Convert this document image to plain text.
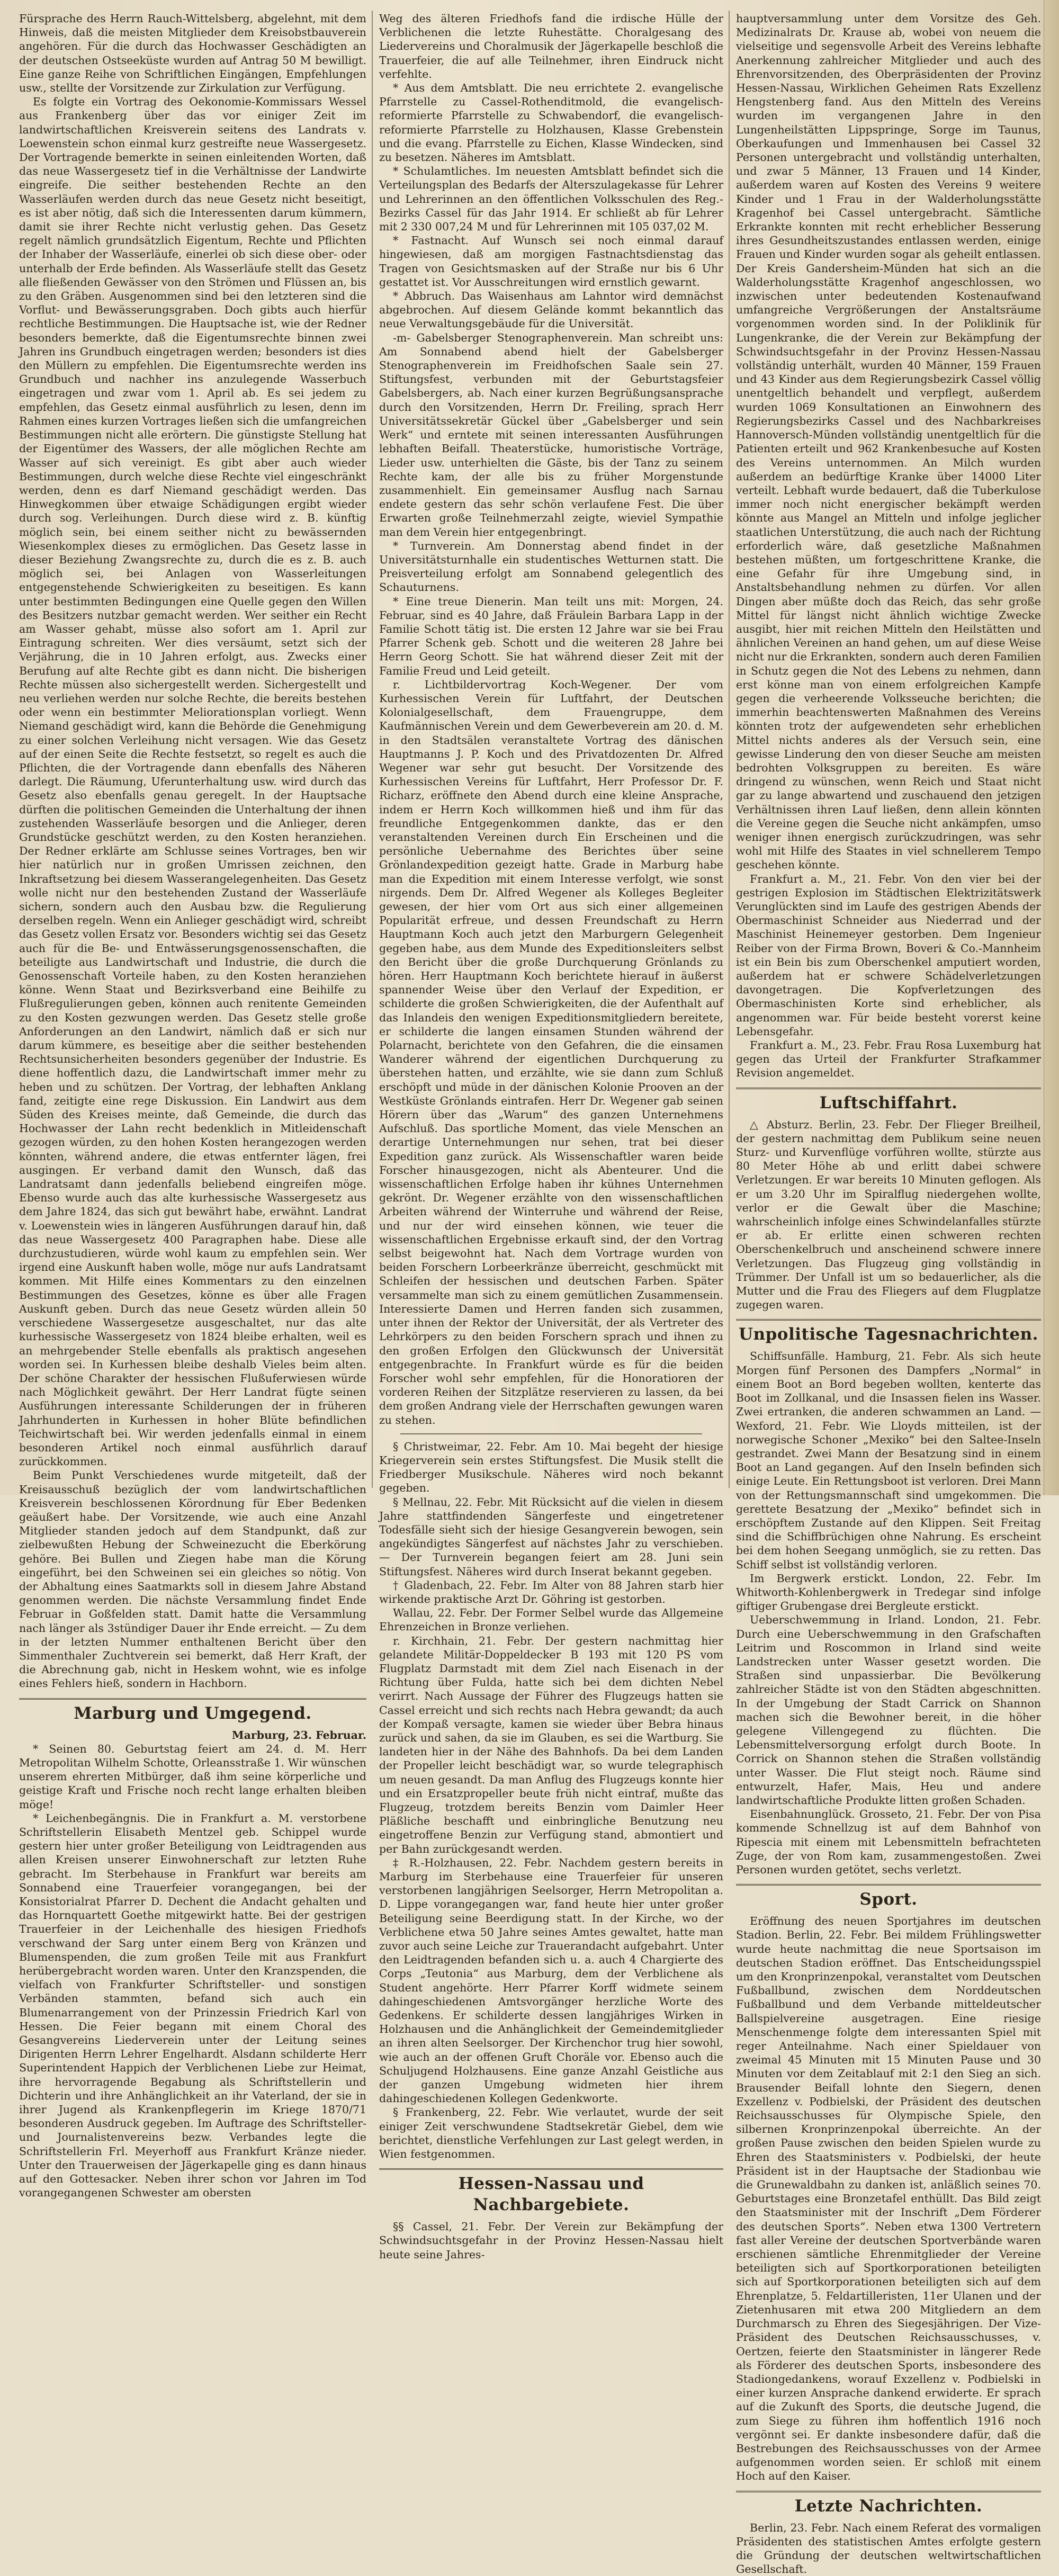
Fürsprache des Herrn Rauch-Wittelsberg, abgelehnt, mit dem Hinweis, daß die meisten Mitglieder dem Kreisobstbauverein angehören. Für die durch das Hochwasser Geschädigten an der deutschen Ostseeküste wurden auf Antrag 50 M bewilligt. Eine ganze Reihe von Schriftlichen Eingängen, Empfehlungen usw., stellte der Vorsitzende zur Zirkulation zur Verfügung.

Es folgte ein Vortrag des Oekonomie-Kommissars Wessel aus Frankenberg über das vor einiger Zeit im landwirtschaftlichen Kreisverein seitens des Landrats v. Loewenstein schon einmal kurz gestreifte neue Wassergesetz. Der Vortragende bemerkte in seinen einleitenden Worten, daß das neue Wassergesetz tief in die Verhältnisse der Landwirte eingreife. Die seither bestehenden Rechte an den Wasserläufen werden durch das neue Gesetz nicht beseitigt, es ist aber nötig, daß sich die Interessenten darum kümmern, damit sie ihrer Rechte nicht verlustig gehen. Das Gesetz regelt nämlich grundsätzlich Eigentum, Rechte und Pflichten der Inhaber der Wasserläufe, einerlei ob sich diese ober- oder unterhalb der Erde befinden. Als Wasserläufe stellt das Gesetz alle fließenden Gewässer von den Strömen und Flüssen an, bis zu den Gräben. Ausgenommen sind bei den letzteren sind die Vorflut- und Bewässerungsgraben. Doch gibts auch hierfür rechtliche Bestimmungen. Die Hauptsache ist, wie der Redner besonders bemerkte, daß die Eigentumsrechte binnen zwei Jahren ins Grundbuch eingetragen werden; besonders ist dies den Müllern zu empfehlen. Die Eigentumsrechte werden ins Grundbuch und nachher ins anzulegende Wasserbuch eingetragen und zwar vom 1. April ab. Es sei jedem zu empfehlen, das Gesetz einmal ausführlich zu lesen, denn im Rahmen eines kurzen Vortrages ließen sich die umfangreichen Bestimmungen nicht alle erörtern. Die günstigste Stellung hat der Eigentümer des Wassers, der alle möglichen Rechte am Wasser auf sich vereinigt. Es gibt aber auch wieder Bestimmungen, durch welche diese Rechte viel eingeschränkt werden, denn es darf Niemand geschädigt werden. Das Hinwegkommen über etwaige Schädigungen ergibt wieder durch sog. Verleihungen. Durch diese wird z. B. künftig möglich sein, bei einem seither nicht zu bewässernden Wiesenkomplex dieses zu ermöglichen. Das Gesetz lasse in dieser Beziehung Zwangsrechte zu, durch die es z. B. auch möglich sei, bei Anlagen von Wasserleitungen entgegenstehende Schwierigkeiten zu beseitigen. Es kann unter bestimmten Bedingungen eine Quelle gegen den Willen des Besitzers nutzbar gemacht werden. Wer seither ein Recht am Wasser gehabt, müsse also sofort am 1. April zur Eintragung schreiten. Wer dies versäumt, setzt sich der Verjährung, die in 10 Jahren erfolgt, aus. Zwecks einer Berufung auf alte Rechte gibt es dann nicht. Die bisherigen Rechte müssen also sichergestellt werden. Sichergestellt und neu verliehen werden nur solche Rechte, die bereits bestehen oder wenn ein bestimmter Meliorationsplan vorliegt. Wenn Niemand geschädigt wird, kann die Behörde die Genehmigung zu einer solchen Verleihung nicht versagen. Wie das Gesetz auf der einen Seite die Rechte festsetzt, so regelt es auch die Pflichten, die der Vortragende dann ebenfalls des Näheren darlegt. Die Räumung, Uferunterhaltung usw. wird durch das Gesetz also ebenfalls genau geregelt. In der Hauptsache dürften die politischen Gemeinden die Unterhaltung der ihnen zustehenden Wasserläufe besorgen und die Anlieger, deren Grundstücke geschützt werden, zu den Kosten heranziehen. Der Redner erklärte am Schlusse seines Vortrages, ben wir hier natürlich nur in großen Umrissen zeichnen, den Inkraftsetzung bei diesem Wasserangelegenheiten. Das Gesetz wolle nicht nur den bestehenden Zustand der Wasserläufe sichern, sondern auch den Ausbau bzw. die Regulierung derselben regeln. Wenn ein Anlieger geschädigt wird, schreibt das Gesetz vollen Ersatz vor. Besonders wichtig sei das Gesetz auch für die Be- und Entwässerungsgenossenschaften, die beteiligte aus Landwirtschaft und Industrie, die durch die Genossenschaft Vorteile haben, zu den Kosten heranziehen könne. Wenn Staat und Bezirksverband eine Beihilfe zu Flußregulierungen geben, können auch renitente Gemeinden zu den Kosten gezwungen werden. Das Gesetz stelle große Anforderungen an den Landwirt, nämlich daß er sich nur darum kümmere, es beseitige aber die seither bestehenden Rechtsunsicherheiten besonders gegenüber der Industrie. Es diene hoffentlich dazu, die Landwirtschaft immer mehr zu heben und zu schützen. Der Vortrag, der lebhaften Anklang fand, zeitigte eine rege Diskussion. Ein Landwirt aus dem Süden des Kreises meinte, daß Gemeinde, die durch das Hochwasser der Lahn recht bedenklich in Mitleidenschaft gezogen würden, zu den hohen Kosten herangezogen werden könnten, während andere, die etwas entfernter lägen, frei ausgingen. Er verband damit den Wunsch, daß das Landratsamt dann jedenfalls beliebend eingreifen möge. Ebenso wurde auch das alte kurhessische Wassergesetz aus dem Jahre 1824, das sich gut bewährt habe, erwähnt. Landrat v. Loewenstein wies in längeren Ausführungen darauf hin, daß das neue Wassergesetz 400 Paragraphen habe. Diese alle durchzustudieren, würde wohl kaum zu empfehlen sein. Wer irgend eine Auskunft haben wolle, möge nur aufs Landratsamt kommen. Mit Hilfe eines Kommentars zu den einzelnen Bestimmungen des Gesetzes, könne es über alle Fragen Auskunft geben. Durch das neue Gesetz würden allein 50 verschiedene Wassergesetze ausgeschaltet, nur das alte kurhessische Wassergesetz von 1824 bleibe erhalten, weil es an mehrgebender Stelle ebenfalls als praktisch angesehen worden sei. In Kurhessen bleibe deshalb Vieles beim alten. Der schöne Charakter der hessischen Flußuferwiesen würde nach Möglichkeit gewährt. Der Herr Landrat fügte seinen Ausführungen interessante Schilderungen der in früheren Jahrhunderten in Kurhessen in hoher Blüte befindlichen Teichwirtschaft bei. Wir werden jedenfalls einmal in einem besonderen Artikel noch einmal ausführlich darauf zurückkommen.

Beim Punkt Verschiedenes wurde mitgeteilt, daß der Kreisausschuß bezüglich der vom landwirtschaftlichen Kreisverein beschlossenen Körordnung für Eber Bedenken geäußert habe. Der Vorsitzende, wie auch eine Anzahl Mitglieder standen jedoch auf dem Standpunkt, daß zur zielbewußten Hebung der Schweinezucht die Eberkörung gehöre. Bei Bullen und Ziegen habe man die Körung eingeführt, bei den Schweinen sei ein gleiches so nötig. Von der Abhaltung eines Saatmarkts soll in diesem Jahre Abstand genommen werden. Die nächste Versammlung findet Ende Februar in Goßfelden statt. Damit hatte die Versammlung nach länger als 3stündiger Dauer ihr Ende erreicht. — Zu dem in der letzten Nummer enthaltenen Bericht über den Simmenthaler Zuchtverein sei bemerkt, daß Herr Kraft, der die Abrechnung gab, nicht in Heskem wohnt, wie es infolge eines Fehlers hieß, sondern in Hachborn.

Marburg und Umgegend.

Marburg, 23. Februar.

* Seinen 80. Geburtstag feiert am 24. d. M. Herr Metropolitan Wilhelm Schotte, Orleansstraße 1. Wir wünschen unserem ehrerten Mitbürger, daß ihm seine körperliche und geistige Kraft und Frische noch recht lange erhalten bleiben möge!

* Leichenbegängnis. Die in Frankfurt a. M. verstorbene Schriftstellerin Elisabeth Mentzel geb. Schippel wurde gestern hier unter großer Beteiligung von Leidtragenden aus allen Kreisen unserer Einwohnerschaft zur letzten Ruhe gebracht. Im Sterbehause in Frankfurt war bereits am Sonnabend eine Trauerfeier vorangegangen, bei der Konsistorialrat Pfarrer D. Dechent die Andacht gehalten und das Hornquartett Goethe mitgewirkt hatte. Bei der gestrigen Trauerfeier in der Leichenhalle des hiesigen Friedhofs verschwand der Sarg unter einem Berg von Kränzen und Blumenspenden, die zum großen Teile mit aus Frankfurt herübergebracht worden waren. Unter den Kranzspenden, die vielfach von Frankfurter Schriftsteller- und sonstigen Verbänden stammten, befand sich auch ein Blumenarrangement von der Prinzessin Friedrich Karl von Hessen. Die Feier begann mit einem Choral des Gesangvereins Liederverein unter der Leitung seines Dirigenten Herrn Lehrer Engelhardt. Alsdann schilderte Herr Superintendent Happich der Verblichenen Liebe zur Heimat, ihre hervorragende Begabung als Schriftstellerin und Dichterin und ihre Anhänglichkeit an ihr Vaterland, der sie in ihrer Jugend als Krankenpflegerin im Kriege 1870/71 besonderen Ausdruck gegeben. Im Auftrage des Schriftsteller- und Journalistenvereins bezw. Verbandes legte die Schriftstellerin Frl. Meyerhoff aus Frankfurt Kränze nieder. Unter den Trauerweisen der Jägerkapelle ging es dann hinaus auf den Gottesacker. Neben ihrer schon vor Jahren im Tod vorangegangenen Schwester am obersten

Weg des älteren Friedhofs fand die irdische Hülle der Verblichenen die letzte Ruhestätte. Choralgesang des Liedervereins und Choralmusik der Jägerkapelle beschloß die Trauerfeier, die auf alle Teilnehmer, ihren Eindruck nicht verfehlte.

* Aus dem Amtsblatt. Die neu errichtete 2. evangelische Pfarrstelle zu Cassel-Rothenditmold, die evangelisch-reformierte Pfarrstelle zu Schwabendorf, die evangelisch-reformierte Pfarrstelle zu Holzhausen, Klasse Grebenstein und die evang. Pfarrstelle zu Eichen, Klasse Windecken, sind zu besetzen. Näheres im Amtsblatt.

* Schulamtliches. Im neuesten Amtsblatt befindet sich die Verteilungsplan des Bedarfs der Alterszulagekasse für Lehrer und Lehrerinnen an den öffentlichen Volksschulen des Reg.-Bezirks Cassel für das Jahr 1914. Er schließt ab für Lehrer mit 2 330 007,24 M und für Lehrerinnen mit 105 037,02 M.

* Fastnacht. Auf Wunsch sei noch einmal darauf hingewiesen, daß am morgigen Fastnachtsdienstag das Tragen von Gesichtsmasken auf der Straße nur bis 6 Uhr gestattet ist. Vor Ausschreitungen wird ernstlich gewarnt.

* Abbruch. Das Waisenhaus am Lahntor wird demnächst abgebrochen. Auf diesem Gelände kommt bekanntlich das neue Verwaltungsgebäude für die Universität.

-m- Gabelsberger Stenographenverein. Man schreibt uns: Am Sonnabend abend hielt der Gabelsberger Stenographenverein im Freidhofschen Saale sein 27. Stiftungsfest, verbunden mit der Geburtstagsfeier Gabelsbergers, ab. Nach einer kurzen Begrüßungsansprache durch den Vorsitzenden, Herrn Dr. Freiling, sprach Herr Universitätssekretär Gückel über „Gabelsberger und sein Werk“ und erntete mit seinen interessanten Ausführungen lebhaften Beifall. Theaterstücke, humoristische Vorträge, Lieder usw. unterhielten die Gäste, bis der Tanz zu seinem Rechte kam, der alle bis zu früher Morgenstunde zusammenhielt. Ein gemeinsamer Ausflug nach Sarnau endete gestern das sehr schön verlaufene Fest. Die über Erwarten große Teilnehmerzahl zeigte, wieviel Sympathie man dem Verein hier entgegenbringt.

* Turnverein. Am Donnerstag abend findet in der Universitätsturnhalle ein studentisches Wetturnen statt. Die Preisverteilung erfolgt am Sonnabend gelegentlich des Schauturnens.

* Eine treue Dienerin. Man teilt uns mit: Morgen, 24. Februar, sind es 40 Jahre, daß Fräulein Barbara Lapp in der Familie Schott tätig ist. Die ersten 12 Jahre war sie bei Frau Pfarrer Schenk geb. Schott und die weiteren 28 Jahre bei Herrn Georg Schott. Sie hat während dieser Zeit mit der Familie Freud und Leid geteilt.

r. Lichtbildervortrag Koch-Wegener. Der vom Kurhessischen Verein für Luftfahrt, der Deutschen Kolonialgesellschaft, dem Frauengruppe, dem Kaufmännischen Verein und dem Gewerbeverein am 20. d. M. in den Stadtsälen veranstaltete Vortrag des dänischen Hauptmanns J. P. Koch und des Privatdozenten Dr. Alfred Wegener war sehr gut besucht. Der Vorsitzende des Kurhessischen Vereins für Luftfahrt, Herr Professor Dr. F. Richarz, eröffnete den Abend durch eine kleine Ansprache, indem er Herrn Koch willkommen hieß und ihm für das freundliche Entgegenkommen dankte, das er den veranstaltenden Vereinen durch Ein Erscheinen und die persönliche Uebernahme des Berichtes über seine Grönlandexpedition gezeigt hatte. Grade in Marburg habe man die Expedition mit einem Interesse verfolgt, wie sonst nirgends. Dem Dr. Alfred Wegener als Kolleges Begleiter gewesen, der hier vom Ort aus sich einer allgemeinen Popularität erfreue, und dessen Freundschaft zu Herrn Hauptmann Koch auch jetzt den Marburgern Gelegenheit gegeben habe, aus dem Munde des Expeditionsleiters selbst den Bericht über die große Durchquerung Grönlands zu hören. Herr Hauptmann Koch berichtete hierauf in äußerst spannender Weise über den Verlauf der Expedition, er schilderte die großen Schwierigkeiten, die der Aufenthalt auf das Inlandeis den wenigen Expeditionsmitgliedern bereitete, er schilderte die langen einsamen Stunden während der Polarnacht, berichtete von den Gefahren, die die einsamen Wanderer während der eigentlichen Durchquerung zu überstehen hatten, und erzählte, wie sie dann zum Schluß erschöpft und müde in der dänischen Kolonie Prooven an der Westküste Grönlands eintrafen. Herr Dr. Wegener gab seinen Hörern über das „Warum“ des ganzen Unternehmens Aufschluß. Das sportliche Moment, das viele Menschen an derartige Unternehmungen nur sehen, trat bei dieser Expedition ganz zurück. Als Wissenschaftler waren beide Forscher hinausgezogen, nicht als Abenteurer. Und die wissenschaftlichen Erfolge haben ihr kühnes Unternehmen gekrönt. Dr. Wegener erzählte von den wissenschaftlichen Arbeiten während der Winterruhe und während der Reise, und nur der wird einsehen können, wie teuer die wissenschaftlichen Ergebnisse erkauft sind, der den Vortrag selbst beigewohnt hat. Nach dem Vortrage wurden von beiden Forschern Lorbeerkränze überreicht, geschmückt mit Schleifen der hessischen und deutschen Farben. Später versammelte man sich zu einem gemütlichen Zusammensein. Interessierte Damen und Herren fanden sich zusammen, unter ihnen der Rektor der Universität, der als Vertreter des Lehrkörpers zu den beiden Forschern sprach und ihnen zu den großen Erfolgen den Glückwunsch der Universität entgegenbrachte. In Frankfurt würde es für die beiden Forscher wohl sehr empfehlen, für die Honoratioren der vorderen Reihen der Sitzplätze reservieren zu lassen, da bei dem großen Andrang viele der Herrschaften gewungen waren zu stehen.

§ Christweimar, 22. Febr. Am 10. Mai begeht der hiesige Kriegerverein sein erstes Stiftungsfest. Die Musik stellt die Friedberger Musikschule. Näheres wird noch bekannt gegeben.

§ Mellnau, 22. Febr. Mit Rücksicht auf die vielen in diesem Jahre stattfindenden Sängerfeste und eingetretener Todesfälle sieht sich der hiesige Gesangverein bewogen, sein angekündigtes Sängerfest auf nächstes Jahr zu verschieben. — Der Turnverein begangen feiert am 28. Juni sein Stiftungsfest. Näheres wird durch Inserat bekannt gegeben.

† Gladenbach, 22. Febr. Im Alter von 88 Jahren starb hier wirkende praktische Arzt Dr. Göhring ist gestorben.

Wallau, 22. Febr. Der Former Selbel wurde das Allgemeine Ehrenzeichen in Bronze verliehen.

r. Kirchhain, 21. Febr. Der gestern nachmittag hier gelandete Militär-Doppeldecker B 193 mit 120 PS vom Flugplatz Darmstadt mit dem Ziel nach Eisenach in der Richtung über Fulda, hatte sich bei dem dichten Nebel verirrt. Nach Aussage der Führer des Flugzeugs hatten sie Cassel erreicht und sich rechts nach Hebra gewandt; da auch der Kompaß versagte, kamen sie wieder über Bebra hinaus zurück und sahen, da sie im Glauben, es sei die Wartburg. Sie landeten hier in der Nähe des Bahnhofs. Da bei dem Landen der Propeller leicht beschädigt war, so wurde telegraphisch um neuen gesandt. Da man Anflug des Flugzeugs konnte hier und ein Ersatzpropeller beute früh nicht eintraf, mußte das Flugzeug, trotzdem bereits Benzin vom Daimler Heer Pläßliche beschafft und einbringliche Benutzung neu eingetroffene Benzin zur Verfügung stand, abmontiert und per Bahn zurückgesandt werden.

‡ R.-Holzhausen, 22. Febr. Nachdem gestern bereits in Marburg im Sterbehause eine Trauerfeier für unseren verstorbenen langjährigen Seelsorger, Herrn Metropolitan a. D. Lippe vorangegangen war, fand heute hier unter großer Beteiligung seine Beerdigung statt. In der Kirche, wo der Verblichene etwa 50 Jahre seines Amtes gewaltet, hatte man zuvor auch seine Leiche zur Trauerandacht aufgebahrt. Unter den Leidtragenden befanden sich u. a. auch 4 Chargierte des Corps „Teutonia“ aus Marburg, dem der Verblichene als Student angehörte. Herr Pfarrer Korff widmete seinem dahingeschiedenen Amtsvorgänger herzliche Worte des Gedenkens. Er schilderte dessen langjähriges Wirken in Holzhausen und die Anhänglichkeit der Gemeindemitglieder an ihren alten Seelsorger. Der Kirchenchor trug hier sowohl, wie auch an der offenen Gruft Choräle vor. Ebenso auch die Schuljugend Holzhausens. Eine ganze Anzahl Geistliche aus der ganzen Umgebung widmeten hier ihrem dahingeschiedenen Kollegen Gedenkworte.

§ Frankenberg, 22. Febr. Wie verlautet, wurde der seit einiger Zeit verschwundene Stadtsekretär Giebel, dem wie berichtet, dienstliche Verfehlungen zur Last gelegt werden, in Wien festgenommen.

Hessen-Nassau und Nachbargebiete.

§§ Cassel, 21. Febr. Der Verein zur Bekämpfung der Schwindsuchtsgefahr in der Provinz Hessen-Nassau hielt heute seine Jahres-

hauptversammlung unter dem Vorsitze des Geh. Medizinalrats Dr. Krause ab, wobei von neuem die vielseitige und segensvolle Arbeit des Vereins lebhafte Anerkennung zahlreicher Mitglieder und auch des Ehrenvorsitzenden, des Oberpräsidenten der Provinz Hessen-Nassau, Wirklichen Geheimen Rats Exzellenz Hengstenberg fand. Aus den Mitteln des Vereins wurden im vergangenen Jahre in den Lungenheilstätten Lippspringe, Sorge im Taunus, Oberkaufungen und Immenhausen bei Cassel 32 Personen untergebracht und vollständig unterhalten, und zwar 5 Männer, 13 Frauen und 14 Kinder, außerdem waren auf Kosten des Vereins 9 weitere Kinder und 1 Frau in der Walderholungsstätte Kragenhof bei Cassel untergebracht. Sämtliche Erkrankte konnten mit recht erheblicher Besserung ihres Gesundheitszustandes entlassen werden, einige Frauen und Kinder wurden sogar als geheilt entlassen. Der Kreis Gandersheim-Münden hat sich an die Walderholungsstätte Kragenhof angeschlossen, wo inzwischen unter bedeutenden Kostenaufwand umfangreiche Vergrößerungen der Anstaltsräume vorgenommen worden sind. In der Poliklinik für Lungenkranke, die der Verein zur Bekämpfung der Schwindsuchtsgefahr in der Provinz Hessen-Nassau vollständig unterhält, wurden 40 Männer, 159 Frauen und 43 Kinder aus dem Regierungsbezirk Cassel völlig unentgeltlich behandelt und verpflegt, außerdem wurden 1069 Konsultationen an Einwohnern des Regierungsbezirks Cassel und des Nachbarkreises Hannoversch-Münden vollständig unentgeltlich für die Patienten erteilt und 962 Krankenbesuche auf Kosten des Vereins unternommen. An Milch wurden außerdem an bedürftige Kranke über 14000 Liter verteilt. Lebhaft wurde bedauert, daß die Tuberkulose immer noch nicht energischer bekämpft werden könnte aus Mangel an Mitteln und infolge jeglicher staatlichen Unterstützung, die auch nach der Richtung erforderlich wäre, daß gesetzliche Maßnahmen bestehen müßten, um fortgeschrittene Kranke, die eine Gefahr für ihre Umgebung sind, in Anstaltsbehandlung nehmen zu dürfen. Vor allen Dingen aber müßte doch das Reich, das sehr große Mittel für längst nicht ähnlich wichtige Zwecke ausgibt, hier mit reichen Mitteln den Heilstätten und ähnlichen Vereinen an hand gehen, um auf diese Weise nicht nur die Erkrankten, sondern auch deren Familien in Schutz gegen die Not des Lebens zu nehmen, dann erst könne man von einem erfolgreichen Kampfe gegen die verheerende Volksseuche berichten; die immerhin beachtenswerten Maßnahmen des Vereins könnten trotz der aufgewendeten sehr erheblichen Mittel nichts anderes als der Versuch sein, eine gewisse Linderung den von dieser Seuche am meisten bedrohten Volksgruppen zu bereiten. Es wäre dringend zu wünschen, wenn Reich und Staat nicht gar zu lange abwartend und zuschauend den jetzigen Verhältnissen ihren Lauf ließen, denn allein könnten die Vereine gegen die Seuche nicht ankämpfen, umso weniger ihnen energisch zurückzudringen, was sehr wohl mit Hilfe des Staates in viel schnellerem Tempo geschehen könnte.

Frankfurt a. M., 21. Febr. Von den vier bei der gestrigen Explosion im Städtischen Elektrizitätswerk Verunglückten sind im Laufe des gestrigen Abends der Obermaschinist Schneider aus Niederrad und der Maschinist Heinemeyer gestorben. Dem Ingenieur Reiber von der Firma Brown, Boveri & Co.-Mannheim ist ein Bein bis zum Oberschenkel amputiert worden, außerdem hat er schwere Schädelverletzungen davongetragen. Die Kopfverletzungen des Obermaschinisten Korte sind erheblicher, als angenommen war. Für beide besteht vorerst keine Lebensgefahr.

Frankfurt a. M., 23. Febr. Frau Rosa Luxemburg hat gegen das Urteil der Frankfurter Strafkammer Revision angemeldet.

Luftschiffahrt.

△ Absturz. Berlin, 23. Febr. Der Flieger Breilheil, der gestern nachmittag dem Publikum seine neuen Sturz- und Kurvenflüge vorführen wollte, stürzte aus 80 Meter Höhe ab und erlitt dabei schwere Verletzungen. Er war bereits 10 Minuten geflogen. Als er um 3.20 Uhr im Spiralflug niedergehen wollte, verlor er die Gewalt über die Maschine; wahrscheinlich infolge eines Schwindelanfalles stürzte er ab. Er erlitte einen schweren rechten Oberschenkelbruch und anscheinend schwere innere Verletzungen. Das Flugzeug ging vollständig in Trümmer. Der Unfall ist um so bedauerlicher, als die Mutter und die Frau des Fliegers auf dem Flugplatze zugegen waren.

Unpolitische Tagesnachrichten.

Schiffsunfälle. Hamburg, 21. Febr. Als sich heute Morgen fünf Personen des Dampfers „Normal“ in einem Boot an Bord begeben wollten, kenterte das Boot im Zollkanal, und die Insassen fielen ins Wasser. Zwei ertranken, die anderen schwammen an Land. — Wexford, 21. Febr. Wie Lloyds mitteilen, ist der norwegische Schoner „Mexiko“ bei den Saltee-Inseln gestrandet. Zwei Mann der Besatzung sind in einem Boot an Land gegangen. Auf den Inseln befinden sich einige Leute. Ein Rettungsboot ist verloren. Drei Mann von der Rettungsmannschaft sind umgekommen. Die gerettete Besatzung der „Mexiko“ befindet sich in erschöpftem Zustande auf den Klippen. Seit Freitag sind die Schiffbrüchigen ohne Nahrung. Es erscheint bei dem hohen Seegang unmöglich, sie zu retten. Das Schiff selbst ist vollständig verloren.

Im Bergwerk erstickt. London, 22. Febr. Im Whitworth-Kohlenbergwerk in Tredegar sind infolge giftiger Grubengase drei Bergleute erstickt.

Ueberschwemmung in Irland. London, 21. Febr. Durch eine Ueberschwemmung in den Grafschaften Leitrim und Roscommon in Irland sind weite Landstrecken unter Wasser gesetzt worden. Die Straßen sind unpassierbar. Die Bevölkerung zahlreicher Städte ist von den Städten abgeschnitten. In der Umgebung der Stadt Carrick on Shannon machen sich die Bewohner bereit, in die höher gelegene Villengegend zu flüchten. Die Lebensmittelversorgung erfolgt durch Boote. In Corrick on Shannon stehen die Straßen vollständig unter Wasser. Die Flut steigt noch. Räume sind entwurzelt, Hafer, Mais, Heu und andere landwirtschaftliche Produkte litten großen Schaden.

Eisenbahnunglück. Grosseto, 21. Febr. Der von Pisa kommende Schnellzug ist auf dem Bahnhof von Ripescia mit einem mit Lebensmitteln befrachteten Zuge, der von Rom kam, zusammengestoßen. Zwei Personen wurden getötet, sechs verletzt.

Sport.

Eröffnung des neuen Sportjahres im deutschen Stadion. Berlin, 22. Febr. Bei mildem Frühlingswetter wurde heute nachmittag die neue Sportsaison im deutschen Stadion eröffnet. Das Entscheidungsspiel um den Kronprinzenpokal, veranstaltet vom Deutschen Fußballbund, zwischen dem Norddeutschen Fußballbund und dem Verbande mitteldeutscher Ballspielvereine ausgetragen. Eine riesige Menschenmenge folgte dem interessanten Spiel mit reger Anteilnahme. Nach einer Spieldauer von zweimal 45 Minuten mit 15 Minuten Pause und 30 Minuten vor dem Zeitablauf mit 2:1 den Sieg an sich. Brausender Beifall lohnte den Siegern, denen Exzellenz v. Podbielski, der Präsident des deutschen Reichsausschusses für Olympische Spiele, den silbernen Kronprinzenpokal überreichte. An der großen Pause zwischen den beiden Spielen wurde zu Ehren des Staatsministers v. Podbielski, der heute Präsident ist in der Hauptsache der Stadionbau wie die Grunewaldbahn zu danken ist, anläßlich seines 70. Geburtstages eine Bronzetafel enthüllt. Das Bild zeigt den Staatsminister mit der Inschrift „Dem Förderer des deutschen Sports“. Neben etwa 1300 Vertretern fast aller Vereine der deutschen Sportverbände waren erschienen sämtliche Ehrenmitglieder der Vereine beteiligten sich auf Sportkorporationen beteiligten sich auf Sportkorporationen beteiligten sich auf dem Ehrenplatze, 5. Feldartilleristen, 11er Ulanen und der Zietenhusaren mit etwa 200 Mitgliedern an dem Durchmarsch zu Ehren des Siegesjährigen. Der Vize-Präsident des Deutschen Reichsausschusses, v. Oertzen, feierte den Staatsminister in längerer Rede als Förderer des deutschen Sports, insbesondere des Stadiongedankens, worauf Exzellenz v. Podbielski in einer kurzen Ansprache dankend erwiderte. Er sprach auf die Zukunft des Sports, die deutsche Jugend, die zum Siege zu führen ihm hoffentlich 1916 noch vergönnt sei. Er dankte insbesondere dafür, daß die Bestrebungen des Reichsausschusses von der Armee aufgenommen worden seien. Er schloß mit einem Hoch auf den Kaiser.

Letzte Nachrichten.

Berlin, 23. Febr. Nach einem Referat des vormaligen Präsidenten des statistischen Amtes erfolgte gestern die Gründung der deutschen weltwirtschaftlichen Gesellschaft.
